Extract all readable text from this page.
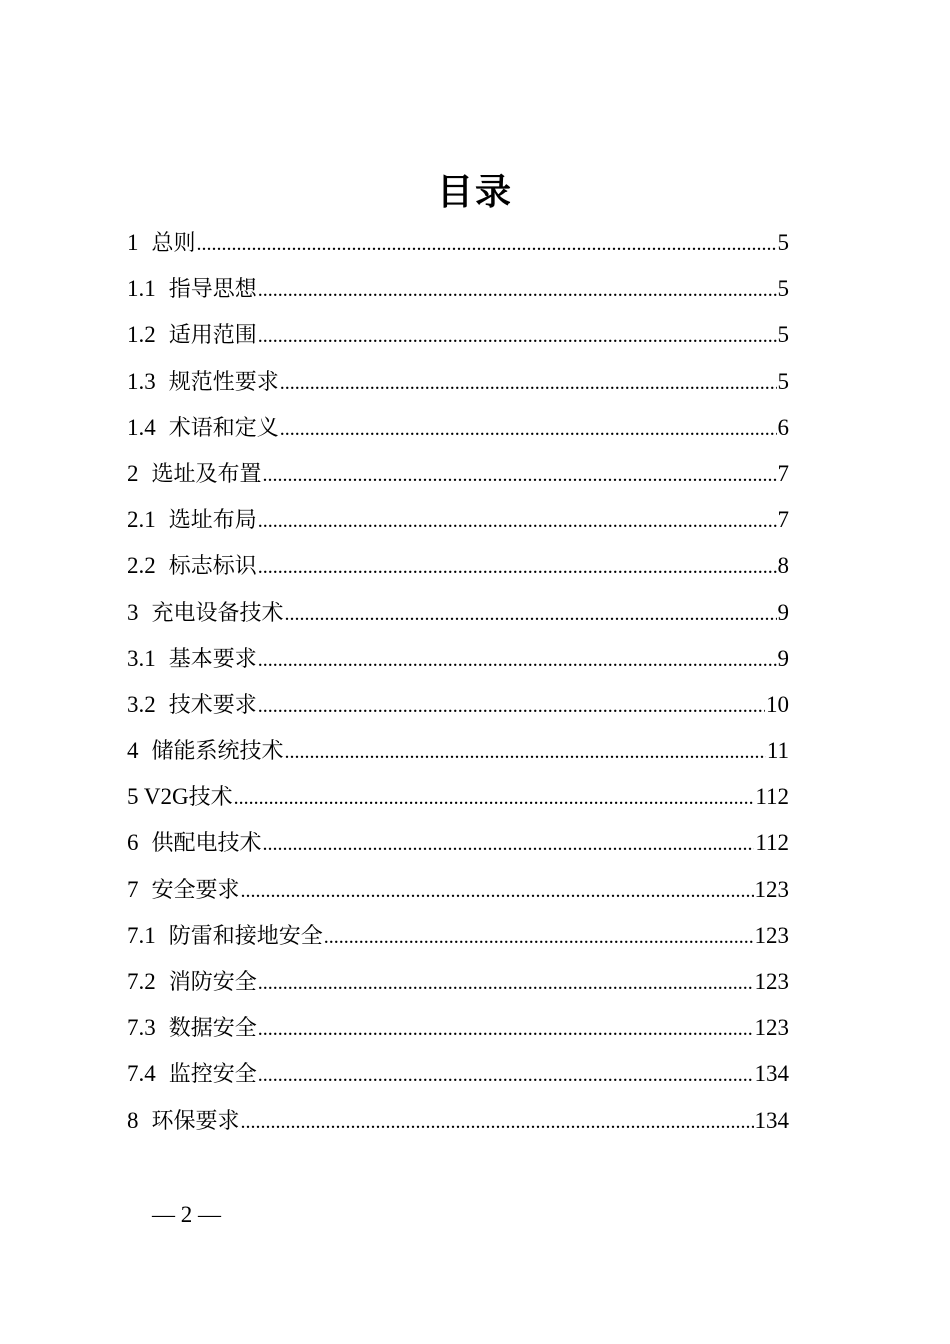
目录
1 总则 .....	5
1.1 指导思想 .....	5
1.2 适用范围 .....	5
1.3 规范性要求 .....	5
1.4 术语和定义 .....	6
2 选址及布置 .....	7
2.1 选址布局 .....	7
2.2 标志标识 .....	8
3 充电设备技术 .....	9
3.1 基本要求 .....	9
3.2 技术要求 .....	10
4 储能系统技术 .....	11
5 V2G 技术 .....	112
6 供配电技术 .....	112
7 安全要求 .....	123
7.1 防雷和接地安全 .....	123
7.2 消防安全 .....	123
7.3 数据安全 .....	123
7.4 监控安全 .....	134
8 环保要求 .....	134
— 2 —
